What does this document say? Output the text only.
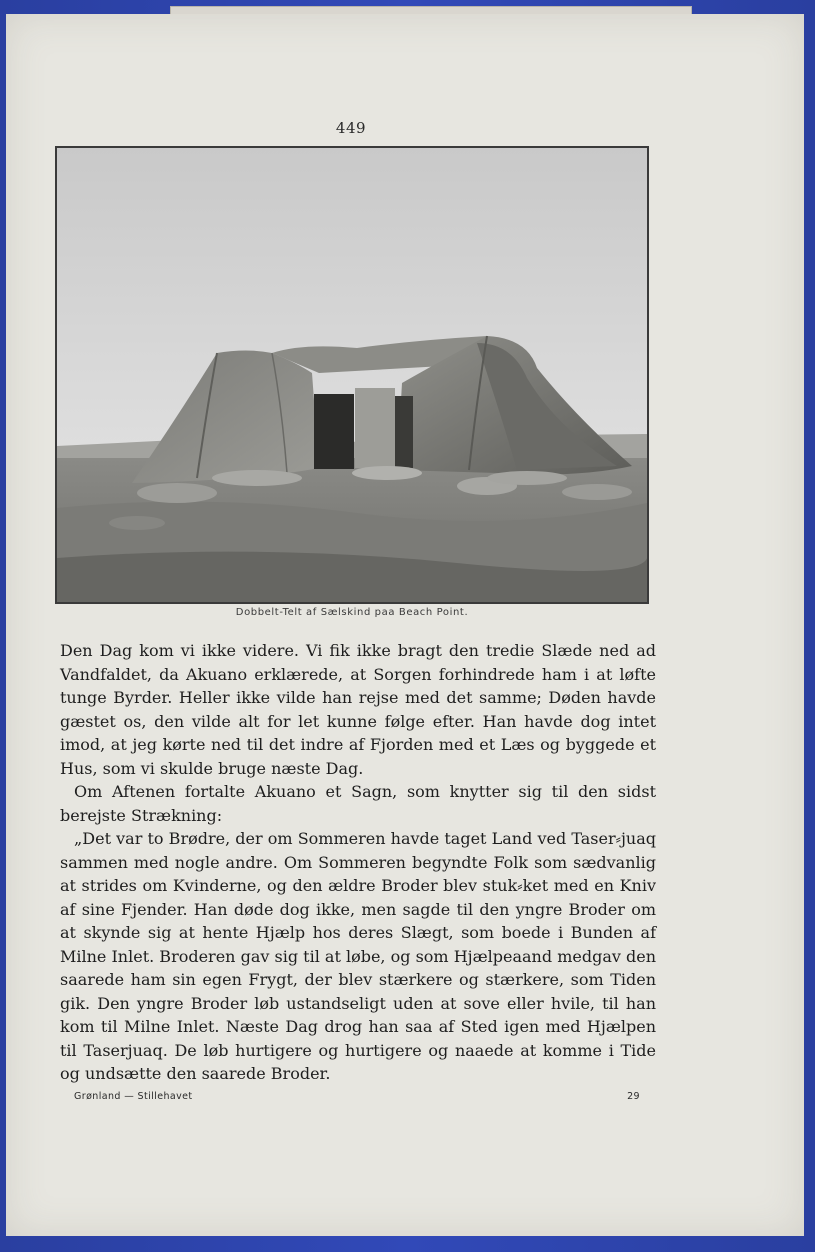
449
Dobbelt-Telt af Sælskind paa Beach Point.

Den Dag kom vi ikke videre. Vi fik ikke bragt den tredie Slæde ned ad Vandfaldet, da Akuano erklærede, at Sorgen forhindrede ham i at løfte tunge Byrder. Heller ikke vilde han rejse med det samme; Døden havde gæstet os, den vilde alt for let kunne følge efter. Han havde dog intet imod, at jeg kørte ned til det indre af Fjorden med et Læs og byggede et Hus, som vi skulde bruge næste Dag.

Om Aftenen fortalte Akuano et Sagn, som knytter sig til den sidst berejste Strækning:

„Det var to Brødre, der om Sommeren havde taget Land ved Taser⸗juaq sammen med nogle andre. Om Sommeren begyndte Folk som sædvanlig at strides om Kvinderne, og den ældre Broder blev stuk⸗ket med en Kniv af sine Fjender. Han døde dog ikke, men sagde til den yngre Broder om at skynde sig at hente Hjælp hos deres Slægt, som boede i Bunden af Milne Inlet. Broderen gav sig til at løbe, og som Hjælpeaand medgav den saarede ham sin egen Frygt, der blev stærkere og stærkere, som Tiden gik. Den yngre Broder løb ustandseligt uden at sove eller hvile, til han kom til Milne Inlet. Næste Dag drog han saa af Sted igen med Hjælpen til Taserjuaq. De løb hurtigere og hurtigere og naaede at komme i Tide og undsætte den saarede Broder.

Grønland — Stillehavet	29
